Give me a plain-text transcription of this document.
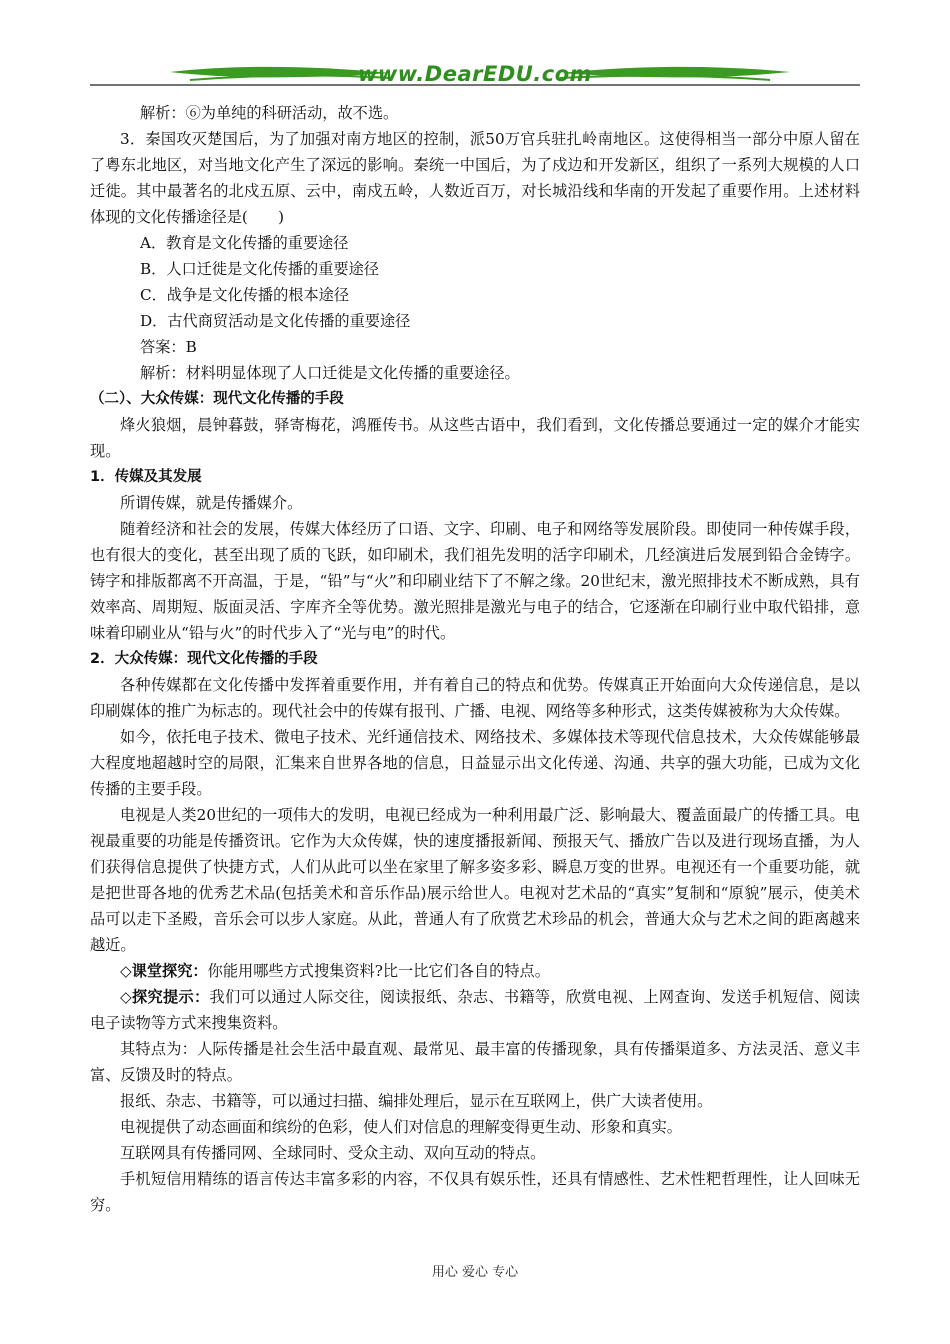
www.DearEDU.com

解析：⑥为单纯的科研活动，故不选。

3．秦国攻灭楚国后，为了加强对南方地区的控制，派50万官兵驻扎岭南地区。这使得相当一部分中原人留在了粤东北地区，对当地文化产生了深远的影响。秦统一中国后，为了戍边和开发新区，组织了一系列大规模的人口迁徙。其中最著名的北戍五原、云中，南戍五岭，人数近百万，对长城沿线和华南的开发起了重要作用。上述材料体现的文化传播途径是(　　)

A．教育是文化传播的重要途径

B．人口迁徙是文化传播的重要途径

C．战争是文化传播的根本途径

D．古代商贸活动是文化传播的重要途径

答案：B

解析：材料明显体现了人口迁徙是文化传播的重要途径。

（二）、大众传媒：现代文化传播的手段

烽火狼烟，晨钟暮鼓，驿寄梅花，鸿雁传书。从这些古语中，我们看到，文化传播总要通过一定的媒介才能实现。

1．传媒及其发展

所谓传媒，就是传播媒介。

随着经济和社会的发展，传媒大体经历了口语、文字、印刷、电子和网络等发展阶段。即使同一种传媒手段，也有很大的变化，甚至出现了质的飞跃，如印刷术，我们祖先发明的活字印刷术，几经演进后发展到铅合金铸字。铸字和排版都离不开高温，于是，“铅”与“火”和印刷业结下了不解之缘。20世纪末，激光照排技术不断成熟，具有效率高、周期短、版面灵活、字库齐全等优势。激光照排是激光与电子的结合，它逐渐在印刷行业中取代铅排，意味着印刷业从“铅与火”的时代步入了“光与电”的时代。

2．大众传媒：现代文化传播的手段

各种传媒都在文化传播中发挥着重要作用，并有着自己的特点和优势。传媒真正开始面向大众传递信息，是以印刷媒体的推广为标志的。现代社会中的传媒有报刊、广播、电视、网络等多种形式，这类传媒被称为大众传媒。

如今，依托电子技术、微电子技术、光纤通信技术、网络技术、多媒体技术等现代信息技术，大众传媒能够最大程度地超越时空的局限，汇集来自世界各地的信息，日益显示出文化传递、沟通、共享的强大功能，已成为文化传播的主要手段。

电视是人类20世纪的一项伟大的发明，电视已经成为一种利用最广泛、影响最大、覆盖面最广的传播工具。电视最重要的功能是传播资讯。它作为大众传媒，快的速度播报新闻、预报天气、播放广告以及进行现场直播，为人们获得信息提供了快捷方式，人们从此可以坐在家里了解多姿多彩、瞬息万变的世界。电视还有一个重要功能，就是把世哥各地的优秀艺术品(包括美术和音乐作品)展示给世人。电视对艺术品的“真实”复制和“原貌”展示，使美术品可以走下圣殿，音乐会可以步人家庭。从此，普通人有了欣赏艺术珍品的机会，普通大众与艺术之间的距离越来越近。

◇课堂探究：你能用哪些方式搜集资料?比一比它们各自的特点。

◇探究提示：我们可以通过人际交往，阅读报纸、杂志、书籍等，欣赏电视、上网查询、发送手机短信、阅读电子读物等方式来搜集资料。

其特点为：人际传播是社会生活中最直观、最常见、最丰富的传播现象，具有传播渠道多、方法灵活、意义丰富、反馈及时的特点。

报纸、杂志、书籍等，可以通过扫描、编排处理后，显示在互联网上，供广大读者使用。

电视提供了动态画面和缤纷的色彩，使人们对信息的理解变得更生动、形象和真实。

互联网具有传播同网、全球同时、受众主动、双向互动的特点。

手机短信用精练的语言传达丰富多彩的内容，不仅具有娱乐性，还具有情感性、艺术性粑哲理性，让人回味无穷。

用心 爱心 专心
